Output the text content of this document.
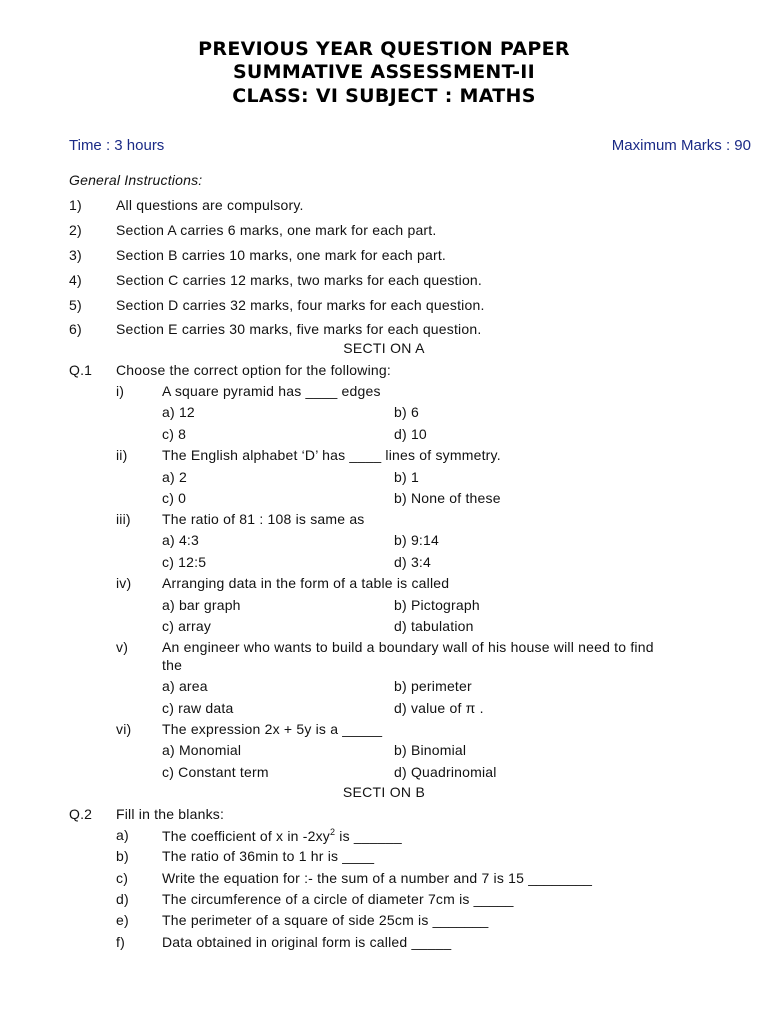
PREVIOUS YEAR QUESTION PAPER
SUMMATIVE ASSESSMENT-II
CLASS: VI SUBJECT : MATHS
Time : 3 hours	Maximum Marks : 90
General Instructions:
1) All questions are compulsory.
2) Section A carries 6 marks, one mark for each part.
3) Section B carries 10 marks, one mark for each part.
4) Section C carries 12 marks, two marks for each question.
5) Section D carries 32 marks, four marks for each question.
6) Section E carries 30 marks, five marks for each question.
SECTI ON A
Q.1 Choose the correct option for the following:
i)	A square pyramid has ____ edges
a) 12	b) 6
c) 8	d) 10
ii) The English alphabet ‘D’ has ____ lines of symmetry.
a) 2	b) 1
c) 0	b) None of these
iii) The ratio of 81 : 108 is same as
a) 4:3	b) 9:14
c) 12:5	d) 3:4
iv) Arranging data in the form of a table is called
a) bar graph	b) Pictograph
c) array	d) tabulation
v) An engineer who wants to build a boundary wall of his house will need to find
the
a) area	b) perimeter
c) raw data	d) value of π .
vi) The expression 2x + 5y is a _____
a) Monomial	b) Binomial
c) Constant term	d) Quadrinomial
SECTI ON B
Q.2 Fill in the blanks:
a) The coefficient of x in $-2xy^2$ is ______
b) The ratio of 36min to 1 hr is ____
c) Write the equation for :- the sum of a number and 7 is 15 ________
d) The circumference of a circle of diameter 7cm is _____
e) The perimeter of a square of side 25cm is _______
f)	Data obtained in original form is called _____
